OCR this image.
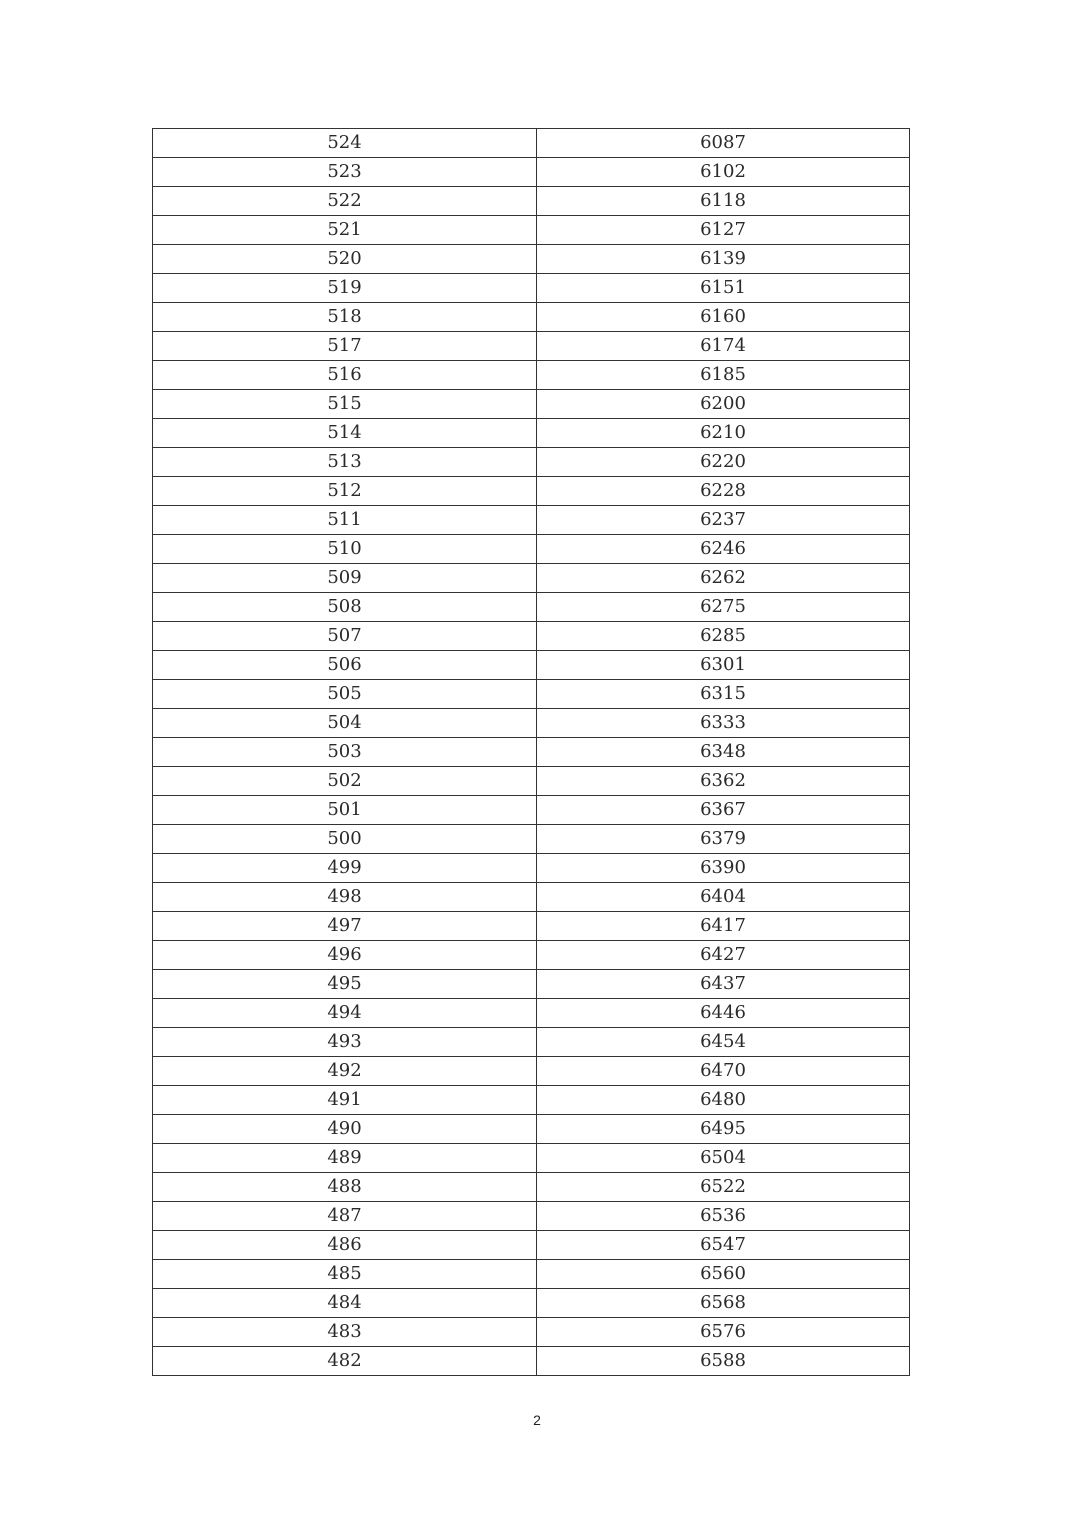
524	6087
523	6102
522	6118
521	6127
520	6139
519	6151
518	6160
517	6174
516	6185
515	6200
514	6210
513	6220
512	6228
511	6237
510	6246
509	6262
508	6275
507	6285
506	6301
505	6315
504	6333
503	6348
502	6362
501	6367
500	6379
499	6390
498	6404
497	6417
496	6427
495	6437
494	6446
493	6454
492	6470
491	6480
490	6495
489	6504
488	6522
487	6536
486	6547
485	6560
484	6568
483	6576
482	6588
2
